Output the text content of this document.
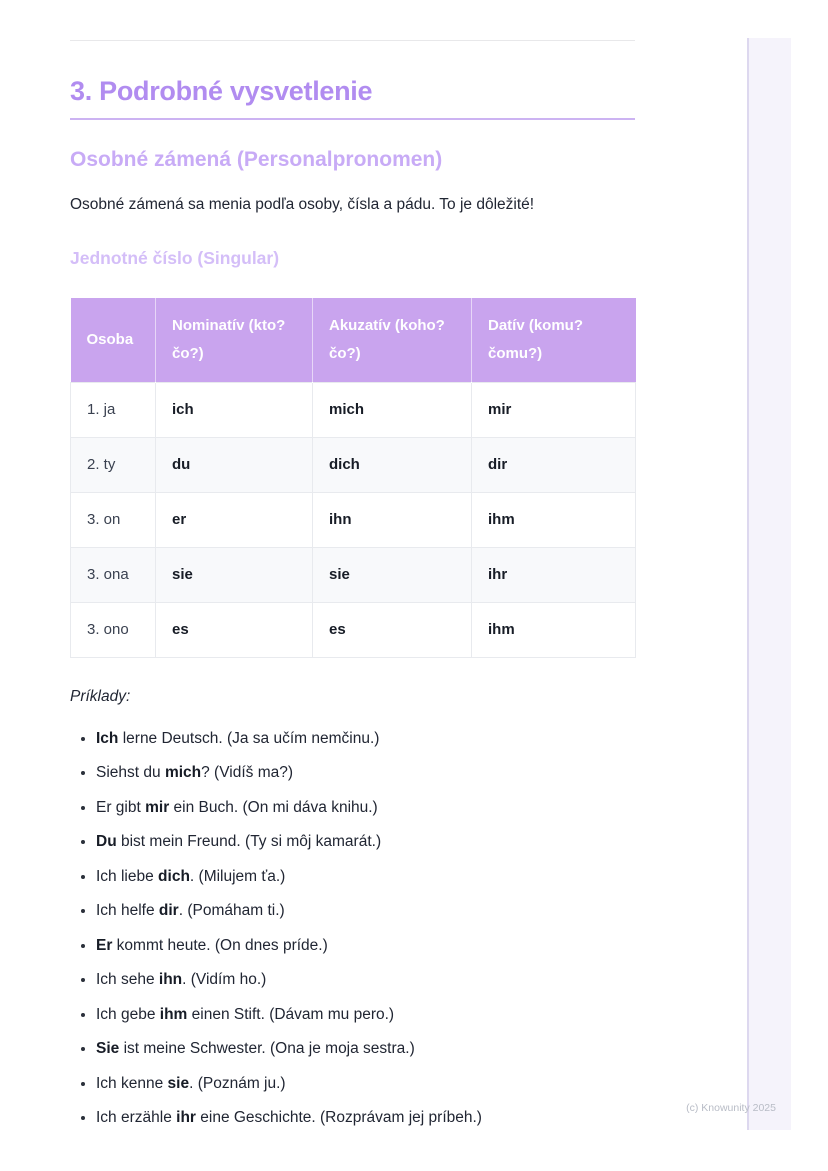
3. Podrobné vysvetlenie
Osobné zámená (Personalpronomen)

Osobné zámená sa menia podľa osoby, čísla a pádu. To je dôležité!

Jednotné číslo (Singular)
Osoba	Nominatív (kto? čo?)	Akuzatív (koho? čo?)	Datív (komu? čomu?)
1. ja	ich	mich	mir
2. ty	du	dich	dir
3. on	er	ihn	ihm
3. ona	sie	sie	ihr
3. ono	es	es	ihm

Príklady:

• Ich lerne Deutsch. (Ja sa učím nemčinu.)
• Siehst du mich? (Vidíš ma?)
• Er gibt mir ein Buch. (On mi dáva knihu.)
• Du bist mein Freund. (Ty si môj kamarát.)
• Ich liebe dich. (Milujem ťa.)
• Ich helfe dir. (Pomáham ti.)
• Er kommt heute. (On dnes príde.)
• Ich sehe ihn. (Vidím ho.)
• Ich gebe ihm einen Stift. (Dávam mu pero.)
• Sie ist meine Schwester. (Ona je moja sestra.)
• Ich kenne sie. (Poznám ju.)
• Ich erzähle ihr eine Geschichte. (Rozprávam jej príbeh.)
(c) Knowunity 2025
